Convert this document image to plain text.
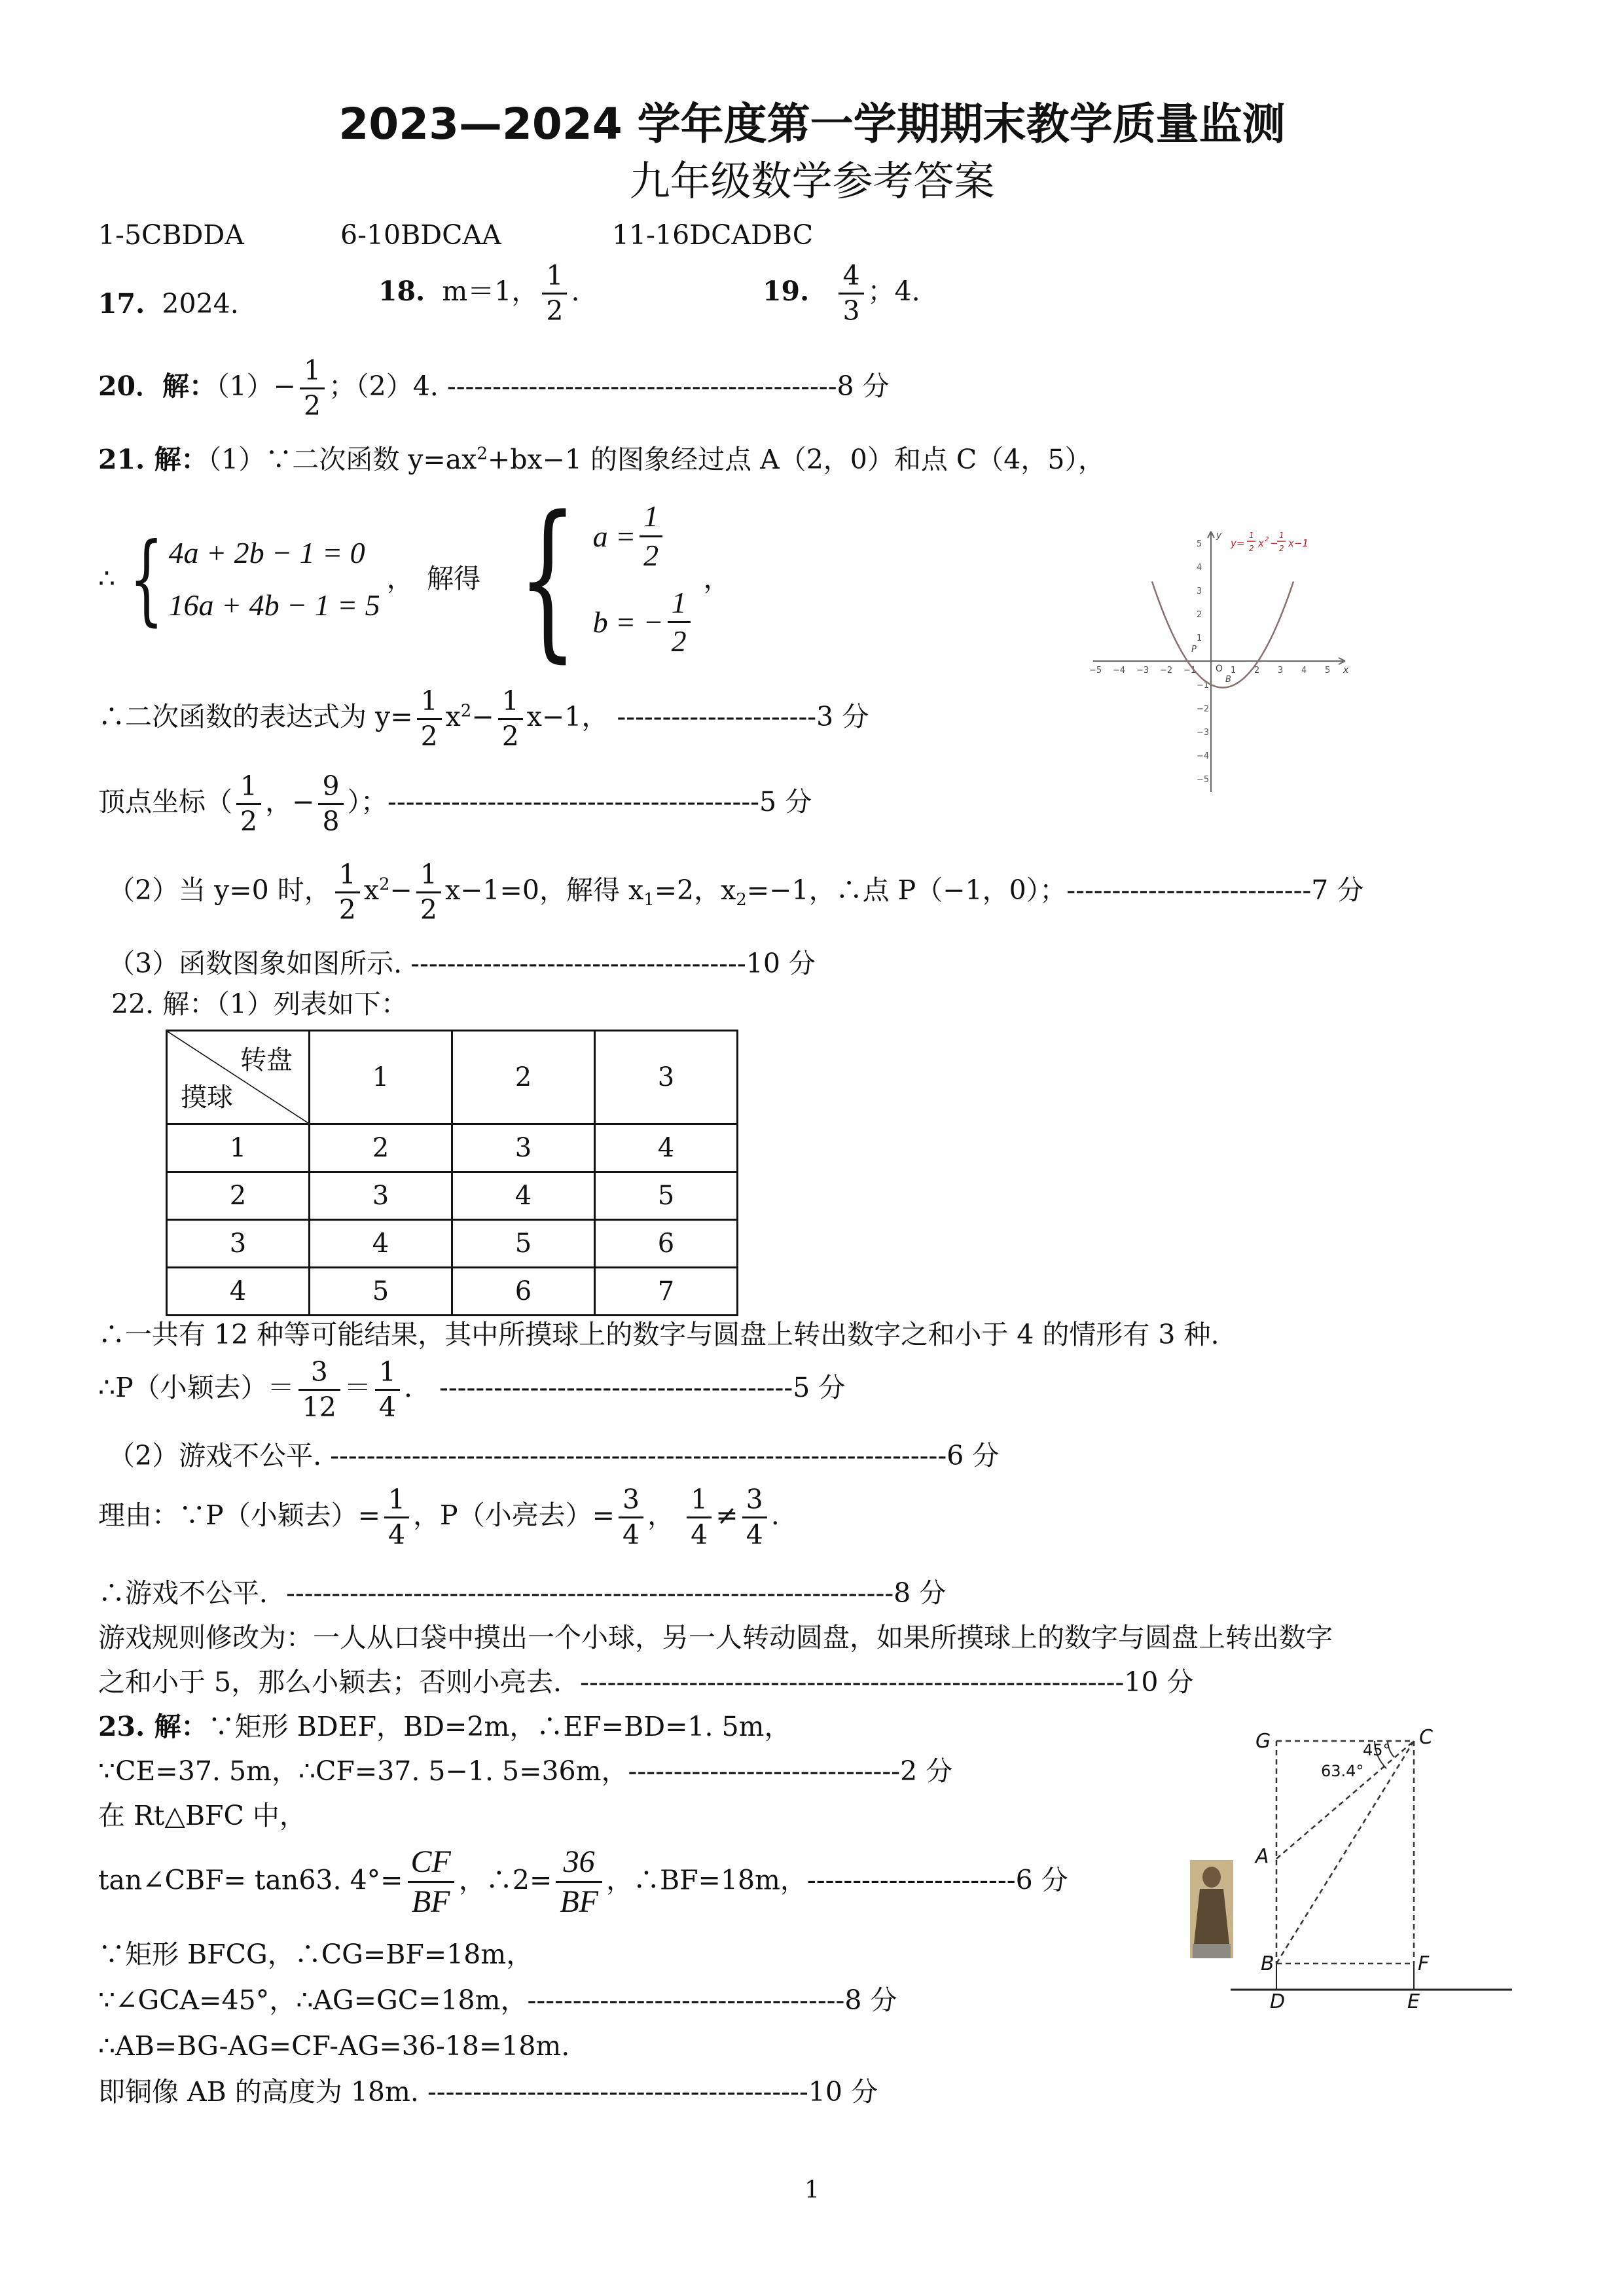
2023—2024 学年度第一学期期末教学质量监测
九年级数学参考答案
1-5CBDDA	6-10BDCAA	11-16DCADBC
17. 2024.	18. m＝1， $\frac{1}{2}$ .	19. $\frac{4}{3}$ ；4.
20．解：$(1)- \frac{1}{2}$ ；（2）4. -------------------------------------------8 分
21. 解：（1）∵二次函数 $y=ax^2+bx-1$ 的图象经过点 A（2，0）和点 C（4，5），
∴ { 4a + 2b − 1 = 0
16a + 4b − 1 = 5
，　解得 { $a = \frac{1}{2}$
b = − $\frac{1}{2}$
，
∴二次函数的表达式为 $y= \frac{1}{2} x^2- \frac{1}{2} x-1$， ----------------------3 分
顶点坐标（ $\frac{1}{2}$ ，− $\frac{9}{8}$ ）；-----------------------------------------5 分
（2）当 y=0 时， $\frac{1}{2} x^2- \frac{1}{2} x-1=0$，解得 $x_1=2$，$x_2=-1$，∴点 P（−1，0）；---------------------------7 分
（3）函数图象如图所示. -------------------------------------10 分
−5 −4 −3 −2 −1	1 2 3 4 5
5
4
3
2
1
−1
−2
−3
−4
−5
O	x
y
P
B
y=
1
2 x 2 −
1
2 x−1
22. 解：（1）列表如下：
转盘
摸球	1	2	3
1	2	3	4
2	3	4	5
3	4	5	6
4	5	6	7
∴一共有 12 种等可能结果，其中所摸球上的数字与圆盘上转出数字之和小于 4 的情形有 3 种.
∴P（小颖去）＝ $\frac{3}{12} = \frac{1}{4}$ .　---------------------------------------5 分
（2）游戏不公平. --------------------------------------------------------------------6 分
理由：∵P（小颖去）= $\frac{1}{4}$ ，P（小亮去）= $\frac{3}{4}$ ， $\frac{1}{4} \ne \frac{3}{4}$ .
∴游戏不公平．-------------------------------------------------------------------8 分
游戏规则修改为：一人从口袋中摸出一个小球，另一人转动圆盘，如果所摸球上的数字与圆盘上转出数字
之和小于 5，那么小颖去；否则小亮去．------------------------------------------------------------10 分
23. 解：∵矩形 BDEF，BD=2m，∴EF=BD=1. 5m，
∵CE=37. 5m，∴CF=37. 5−1. 5=36m，------------------------------2 分
在 Rt△BFC 中，
tan∠CBF= tan63. $4^\circ= \frac{CF}{BF}$ ，∴2= $\frac{36}{BF}$ ，∴BF=18m，-----------------------6 分
∵矩形 BFCG，∴CG=BF=18m，
∵∠GCA=45°，∴AG=GC=18m，-----------------------------------8 分
∴AB=BG-AG=CF-AG=36-18=18m.
即铜像 AB 的高度为 18m. ------------------------------------------10 分
G	C
A
B	F
D	E
45°
63.4°
1
